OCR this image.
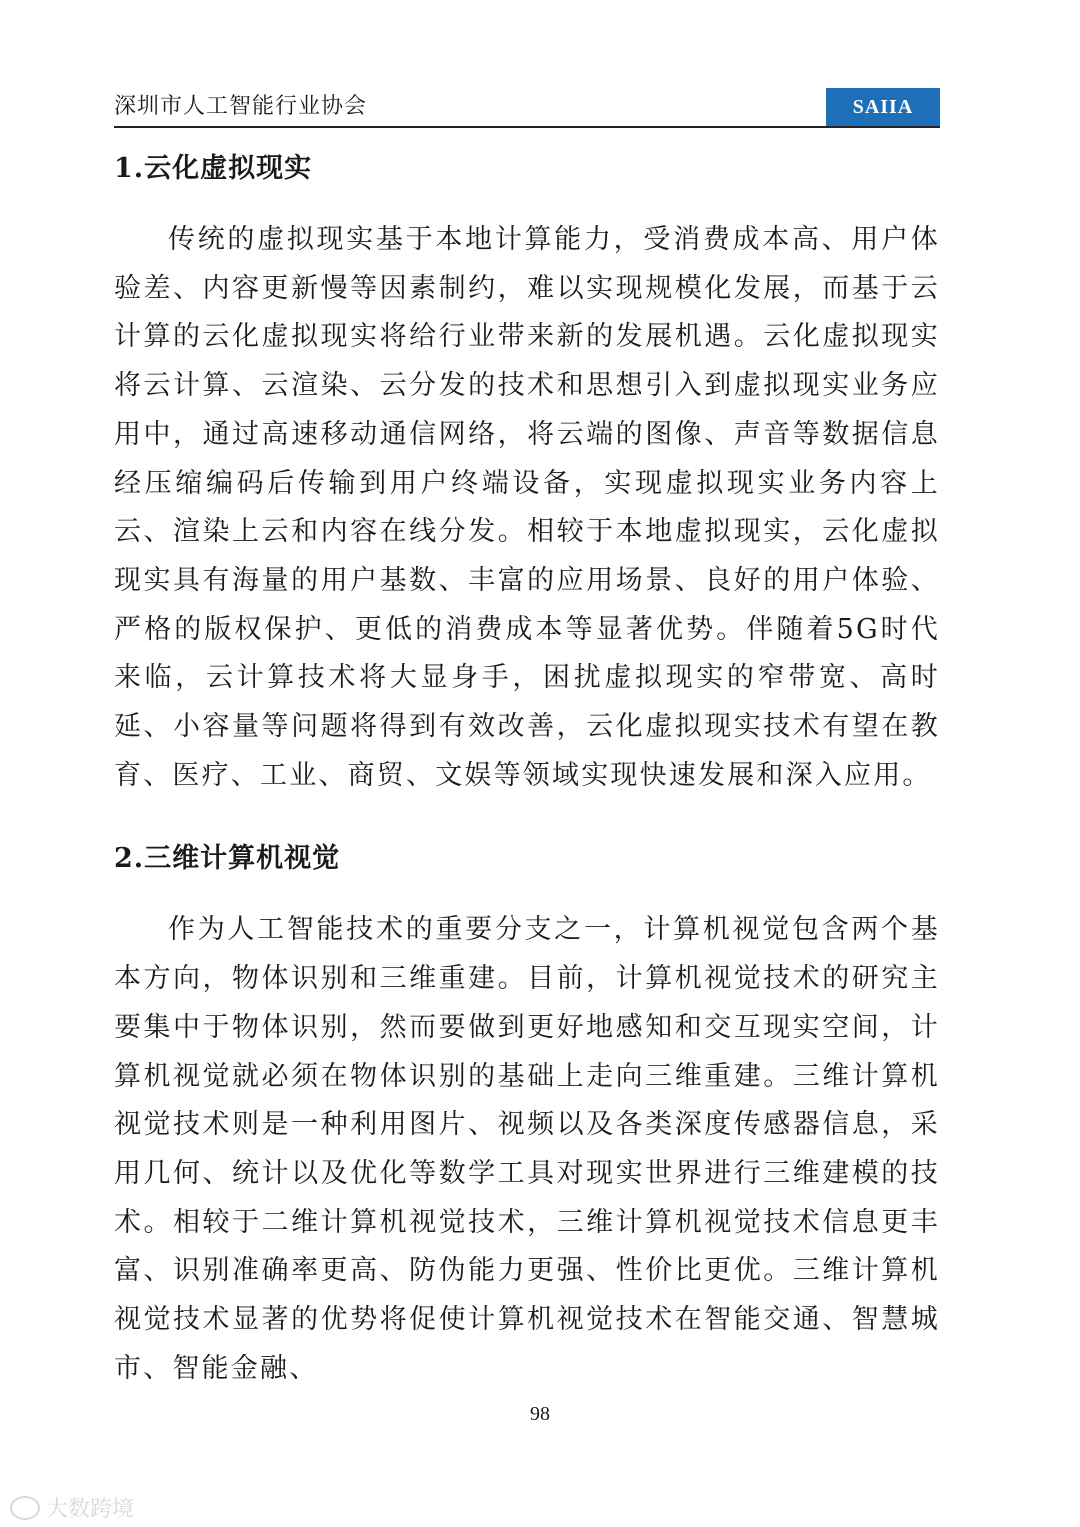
深圳市人工智能行业协会	SAIIA
1.云化虚拟现实

传统的虚拟现实基于本地计算能力，受消费成本高、用户体验差、内容更新慢等因素制约，难以实现规模化发展，而基于云计算的云化虚拟现实将给行业带来新的发展机遇。云化虚拟现实将云计算、云渲染、云分发的技术和思想引入到虚拟现实业务应用中，通过高速移动通信网络，将云端的图像、声音等数据信息经压缩编码后传输到用户终端设备，实现虚拟现实业务内容上云、渲染上云和内容在线分发。相较于本地虚拟现实，云化虚拟现实具有海量的用户基数、丰富的应用场景、良好的用户体验、严格的版权保护、更低的消费成本等显著优势。伴随着5G时代来临，云计算技术将大显身手，困扰虚拟现实的窄带宽、高时延、小容量等问题将得到有效改善，云化虚拟现实技术有望在教育、医疗、工业、商贸、文娱等领域实现快速发展和深入应用。

2.三维计算机视觉

作为人工智能技术的重要分支之一，计算机视觉包含两个基本方向，物体识别和三维重建。目前，计算机视觉技术的研究主要集中于物体识别，然而要做到更好地感知和交互现实空间，计算机视觉就必须在物体识别的基础上走向三维重建。三维计算机视觉技术则是一种利用图片、视频以及各类深度传感器信息，采用几何、统计以及优化等数学工具对现实世界进行三维建模的技术。相较于二维计算机视觉技术，三维计算机视觉技术信息更丰富、识别准确率更高、防伪能力更强、性价比更优。三维计算机视觉技术显著的优势将促使计算机视觉技术在智能交通、智慧城市、智能金融、

98
大数跨境
